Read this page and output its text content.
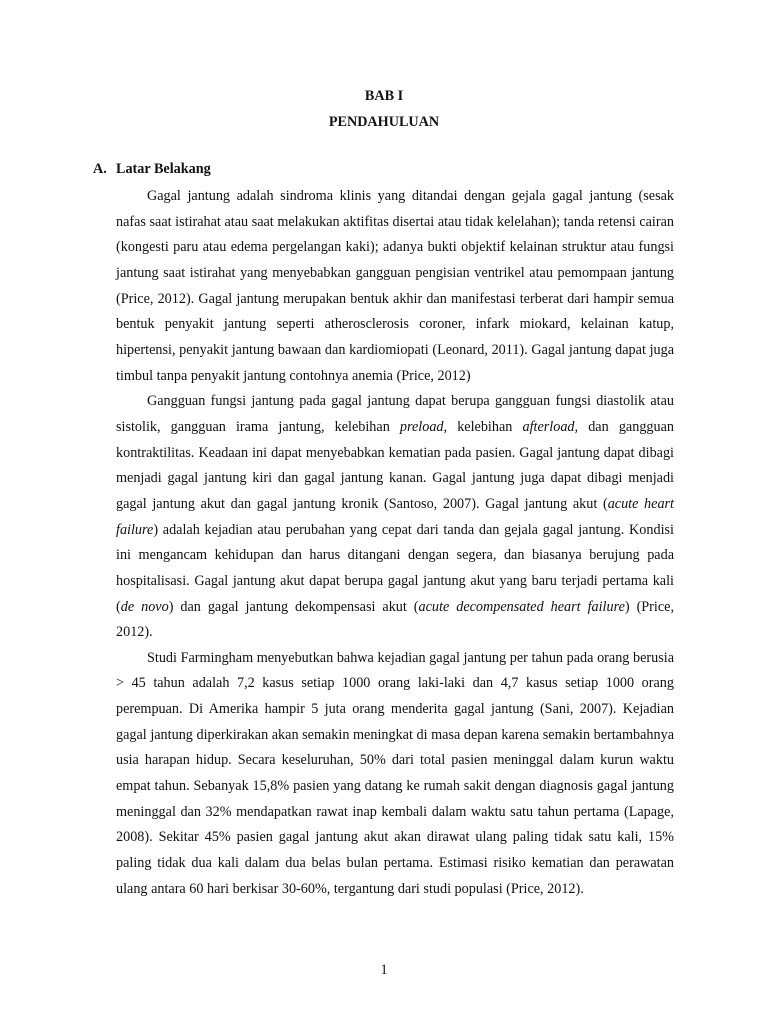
BAB I
PENDAHULUAN
A. Latar Belakang

Gagal jantung adalah sindroma klinis yang ditandai dengan gejala gagal jantung (sesak nafas saat istirahat atau saat melakukan aktifitas disertai atau tidak kelelahan); tanda retensi cairan (kongesti paru atau edema pergelangan kaki); adanya bukti objektif kelainan struktur atau fungsi jantung saat istirahat yang menyebabkan gangguan pengisian ventrikel atau pemompaan jantung (Price, 2012). Gagal jantung merupakan bentuk akhir dan manifestasi terberat dari hampir semua bentuk penyakit jantung seperti atherosclerosis coroner, infark miokard, kelainan katup, hipertensi, penyakit jantung bawaan dan kardiomiopati (Leonard, 2011). Gagal jantung dapat juga timbul tanpa penyakit jantung contohnya anemia (Price, 2012)

Gangguan fungsi jantung pada gagal jantung dapat berupa gangguan fungsi diastolik atau sistolik, gangguan irama jantung, kelebihan preload, kelebihan afterload, dan gangguan kontraktilitas. Keadaan ini dapat menyebabkan kematian pada pasien. Gagal jantung dapat dibagi menjadi gagal jantung kiri dan gagal jantung kanan. Gagal jantung juga dapat dibagi menjadi gagal jantung akut dan gagal jantung kronik (Santoso, 2007). Gagal jantung akut (acute heart failure) adalah kejadian atau perubahan yang cepat dari tanda dan gejala gagal jantung. Kondisi ini mengancam kehidupan dan harus ditangani dengan segera, dan biasanya berujung pada hospitalisasi. Gagal jantung akut dapat berupa gagal jantung akut yang baru terjadi pertama kali (de novo) dan gagal jantung dekompensasi akut (acute decompensated heart failure) (Price, 2012).

Studi Farmingham menyebutkan bahwa kejadian gagal jantung per tahun pada orang berusia > 45 tahun adalah 7,2 kasus setiap 1000 orang laki-laki dan 4,7 kasus setiap 1000 orang perempuan. Di Amerika hampir 5 juta orang menderita gagal jantung (Sani, 2007). Kejadian gagal jantung diperkirakan akan semakin meningkat di masa depan karena semakin bertambahnya usia harapan hidup. Secara keseluruhan, 50% dari total pasien meninggal dalam kurun waktu empat tahun. Sebanyak 15,8% pasien yang datang ke rumah sakit dengan diagnosis gagal jantung meninggal dan 32% mendapatkan rawat inap kembali dalam waktu satu tahun pertama (Lapage, 2008). Sekitar 45% pasien gagal jantung akut akan dirawat ulang paling tidak satu kali, 15% paling tidak dua kali dalam dua belas bulan pertama. Estimasi risiko kematian dan perawatan ulang antara 60 hari berkisar 30-60%, tergantung dari studi populasi (Price, 2012).

1
